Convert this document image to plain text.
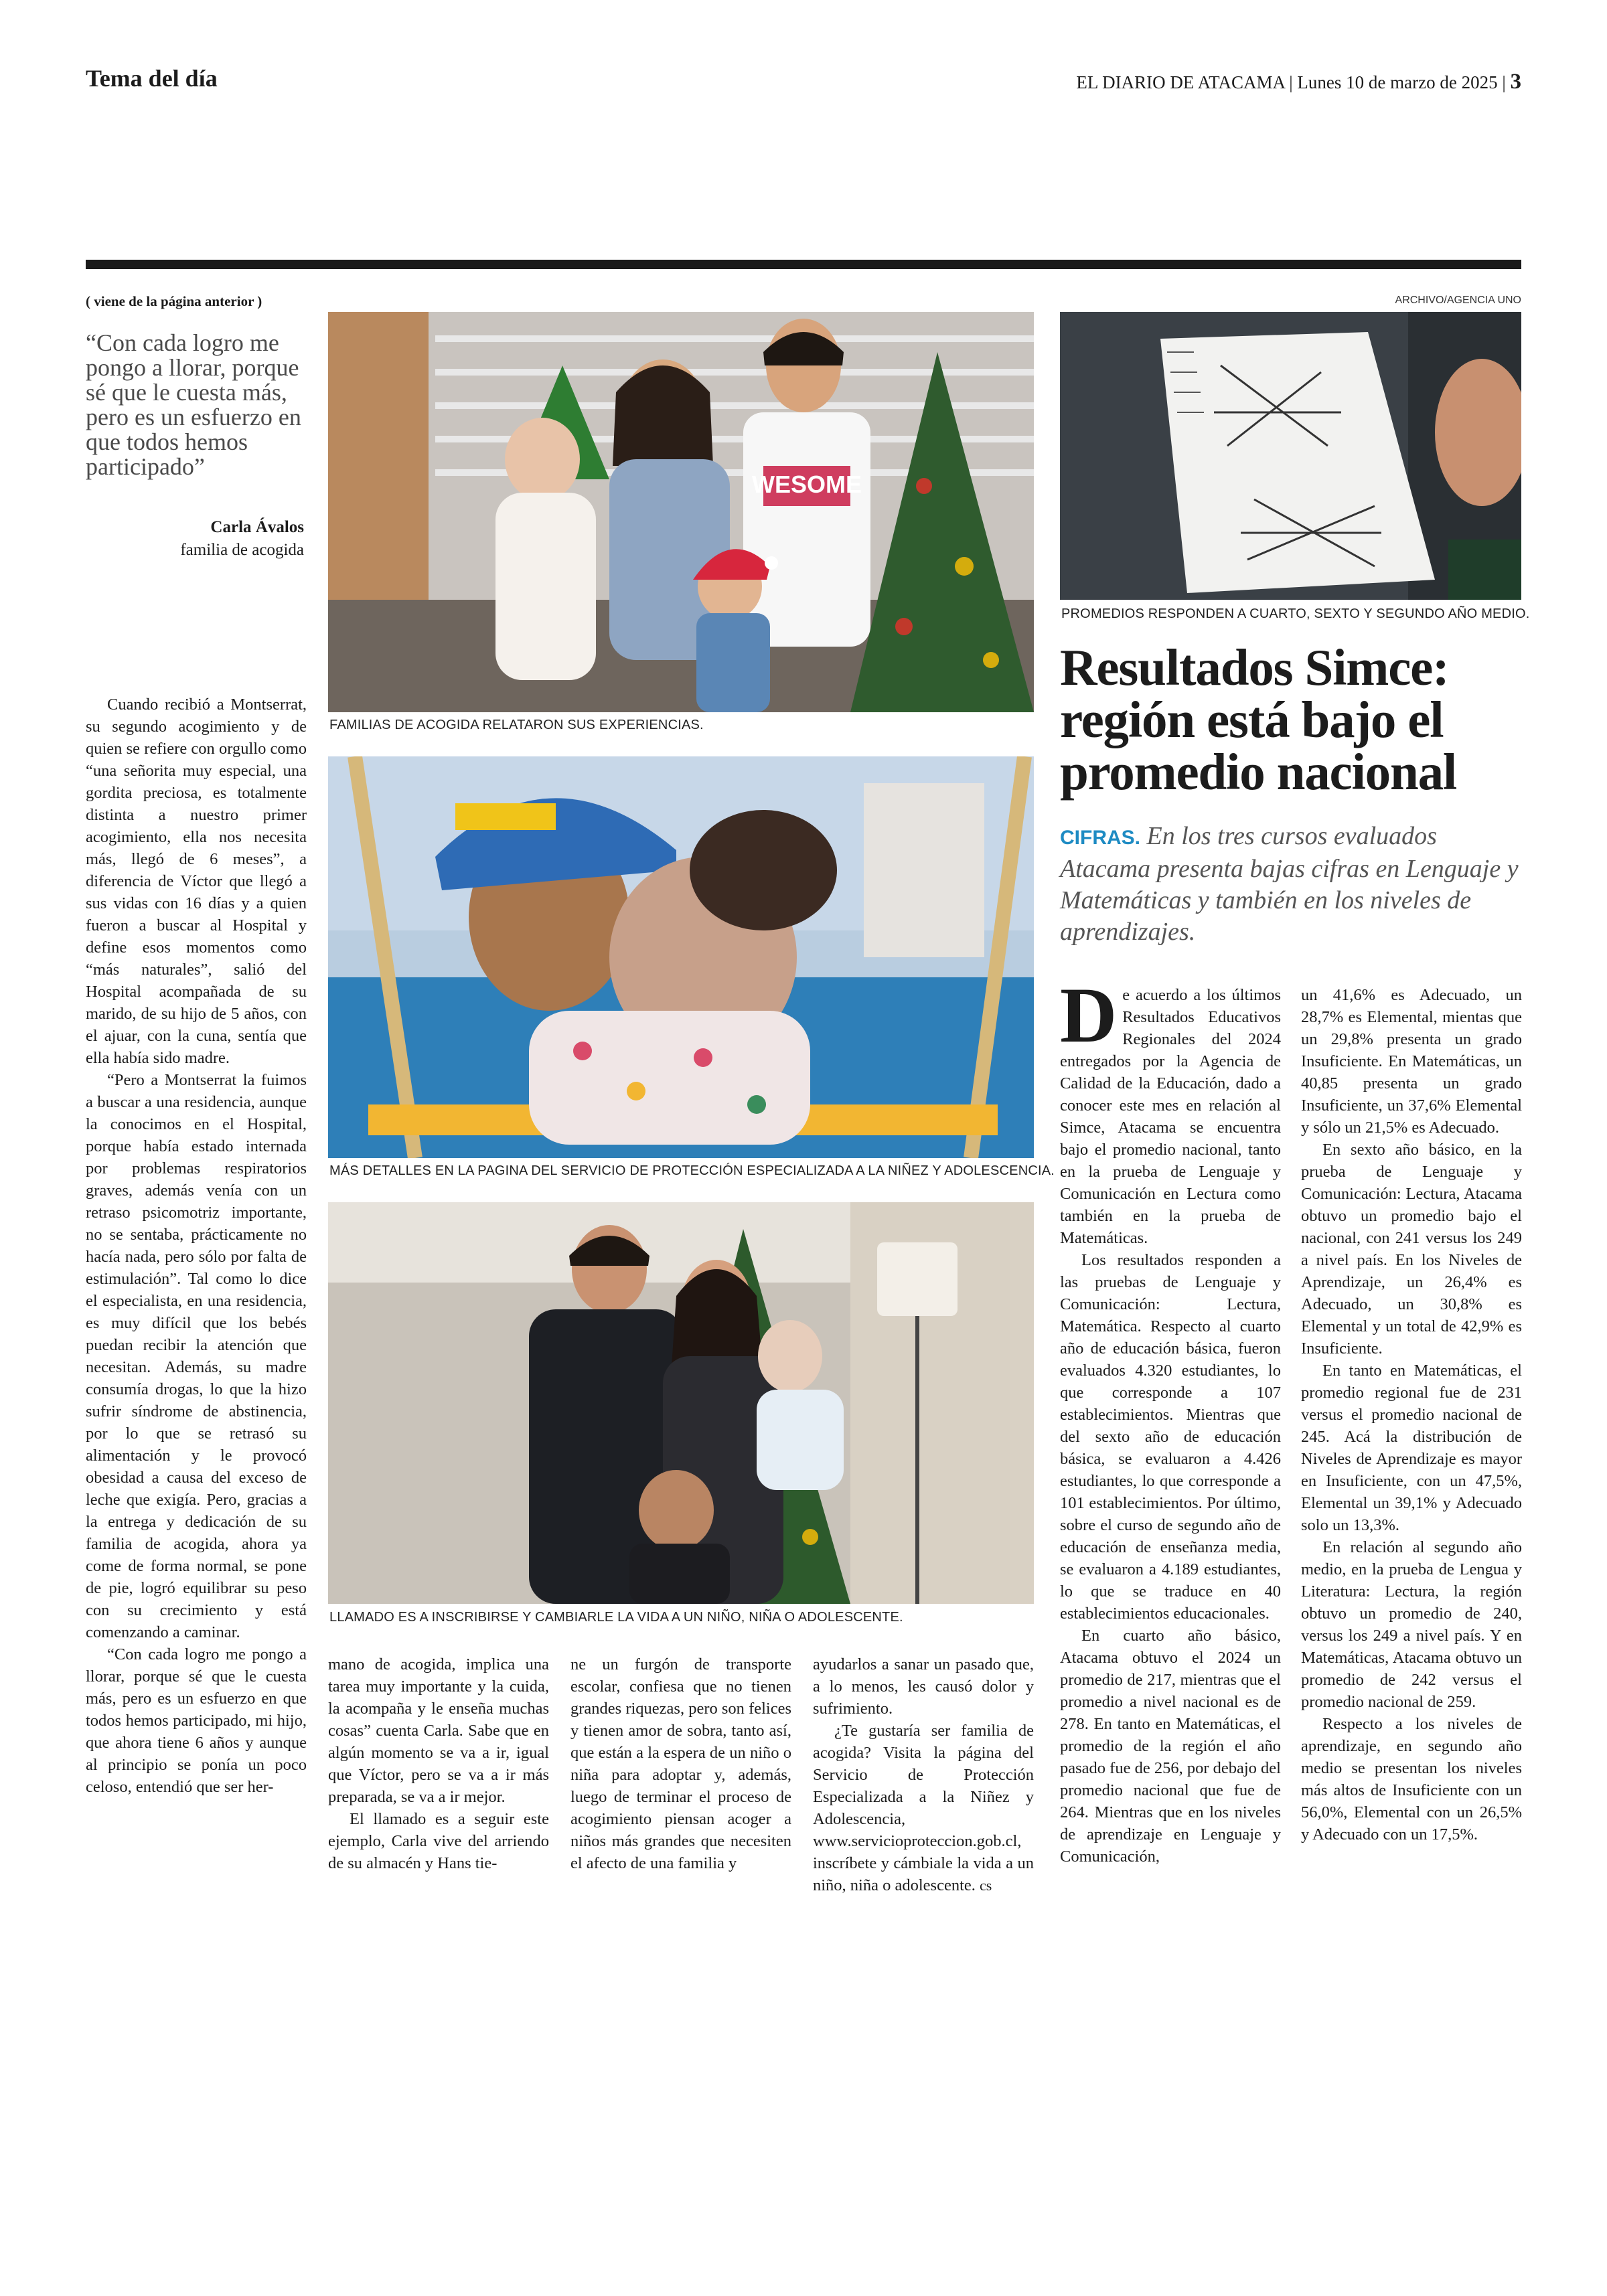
Tema del día	EL DIARIO DE ATACAMA | Lunes 10 de marzo de 2025 | 3
( viene de la página anterior )
“Con cada logro me pongo a llorar, porque sé que le cuesta más, pero es un esfuerzo en que todos hemos participado”
Carla Ávalos
familia de acogida
WESOME
FAMILIAS DE ACOGIDA RELATARON SUS EXPERIENCIAS.
MÁS DETALLES EN LA PAGINA DEL SERVICIO DE PROTECCIÓN ESPECIALIZADA A LA NIÑEZ Y ADOLESCENCIA.
LLAMADO ES A INSCRIBIRSE Y CAMBIARLE LA VIDA A UN NIÑO, NIÑA O ADOLESCENTE.
ARCHIVO/AGENCIA UNO
PROMEDIOS RESPONDEN A CUARTO, SEXTO Y SEGUNDO AÑO MEDIO.

Cuando recibió a Montserrat, su segundo acogimiento y de quien se refiere con orgullo como “una señorita muy especial, una gordita preciosa, es totalmente distinta a nuestro primer acogimiento, ella nos necesita más, llegó de 6 meses”, a diferencia de Víctor que llegó a sus vidas con 16 días y a quien fueron a buscar al Hospital y define esos momentos como “más naturales”, salió del Hospital acompañada de su marido, de su hijo de 5 años, con el ajuar, con la cuna, sentía que ella había sido madre.

“Pero a Montserrat la fuimos a buscar a una residencia, aunque la conocimos en el Hospital, porque había estado internada por problemas respiratorios graves, además venía con un retraso psicomotriz importante, no se sentaba, prácticamente no hacía nada, pero sólo por falta de estimulación”. Tal como lo dice el especialista, en una residencia, es muy difícil que los bebés puedan recibir la atención que necesitan. Además, su madre consumía drogas, lo que la hizo sufrir síndrome de abstinencia, por lo que se retrasó su alimentación y le provocó obesidad a causa del exceso de leche que exigía. Pero, gracias a la entrega y dedicación de su familia de acogida, ahora ya come de forma normal, se pone de pie, logró equilibrar su peso con su crecimiento y está comenzando a caminar.

“Con cada logro me pongo a llorar, porque sé que le cuesta más, pero es un esfuerzo en que todos hemos participado, mi hijo, que ahora tiene 6 años y aunque al principio se ponía un poco celoso, entendió que ser her-

mano de acogida, implica una tarea muy importante y la cuida, la acompaña y le enseña muchas cosas” cuenta Carla. Sabe que en algún momento se va a ir, igual que Víctor, pero se va a ir más preparada, se va a ir mejor.

El llamado es a seguir este ejemplo, Carla vive del arriendo de su almacén y Hans tie-

ne un furgón de transporte escolar, confiesa que no tienen grandes riquezas, pero son felices y tienen amor de sobra, tanto así, que están a la espera de un niño o niña para adoptar y, además, luego de terminar el proceso de acogimiento piensan acoger a niños más grandes que necesiten el afecto de una familia y

ayudarlos a sanar un pasado que, a lo menos, les causó dolor y sufrimiento.

¿Te gustaría ser familia de acogida? Visita la página del Servicio de Protección Especializada a la Niñez y Adolescencia, www.servicioproteccion.gob.cl, inscríbete y cámbiale la vida a un niño, niña o adolescente. cs

Resultados Simce: región está bajo el promedio nacional
CIFRAS. En los tres cursos evaluados Atacama presenta bajas cifras en Lenguaje y Matemáticas y también en los niveles de aprendizajes.

De acuerdo a los últimos Resultados Educativos Regionales del 2024 entregados por la Agencia de Calidad de la Educación, dado a conocer este mes en relación al Simce, Atacama se encuentra bajo el promedio nacional, tanto en la prueba de Lenguaje y Comunicación en Lectura como también en la prueba de Matemáticas.

Los resultados responden a las pruebas de Lenguaje y Comunicación: Lectura, Matemática. Respecto al cuarto año de educación básica, fueron evaluados 4.320 estudiantes, lo que corresponde a 107 establecimientos. Mientras que del sexto año de educación básica, se evaluaron a 4.426 estudiantes, lo que corresponde a 101 establecimientos. Por último, sobre el curso de segundo año de educación de enseñanza media, se evaluaron a 4.189 estudiantes, lo que se traduce en 40 establecimientos educacionales.

En cuarto año básico, Atacama obtuvo el 2024 un promedio de 217, mientras que el promedio a nivel nacional es de 278. En tanto en Matemáticas, el promedio de la región el año pasado fue de 256, por debajo del promedio nacional que fue de 264. Mientras que en los niveles de aprendizaje en Lenguaje y Comunicación,

un 41,6% es Adecuado, un 28,7% es Elemental, mientas que un 29,8% presenta un grado Insuficiente. En Matemáticas, un 40,85 presenta un grado Insuficiente, un 37,6% Elemental y sólo un 21,5% es Adecuado.

En sexto año básico, en la prueba de Lenguaje y Comunicación: Lectura, Atacama obtuvo un promedio bajo el nacional, con 241 versus los 249 a nivel país. En los Niveles de Aprendizaje, un 26,4% es Adecuado, un 30,8% es Elemental y un total de 42,9% es Insuficiente.

En tanto en Matemáticas, el promedio regional fue de 231 versus el promedio nacional de 245. Acá la distribución de Niveles de Aprendizaje es mayor en Insuficiente, con un 47,5%, Elemental un 39,1% y Adecuado solo un 13,3%.

En relación al segundo año medio, en la prueba de Lengua y Literatura: Lectura, la región obtuvo un promedio de 240, versus los 249 a nivel país. Y en Matemáticas, Atacama obtuvo un promedio de 242 versus el promedio nacional de 259.

Respecto a los niveles de aprendizaje, en segundo año medio se presentan los niveles más altos de Insuficiente con un 56,0%, Elemental con un 26,5% y Adecuado con un 17,5%.
